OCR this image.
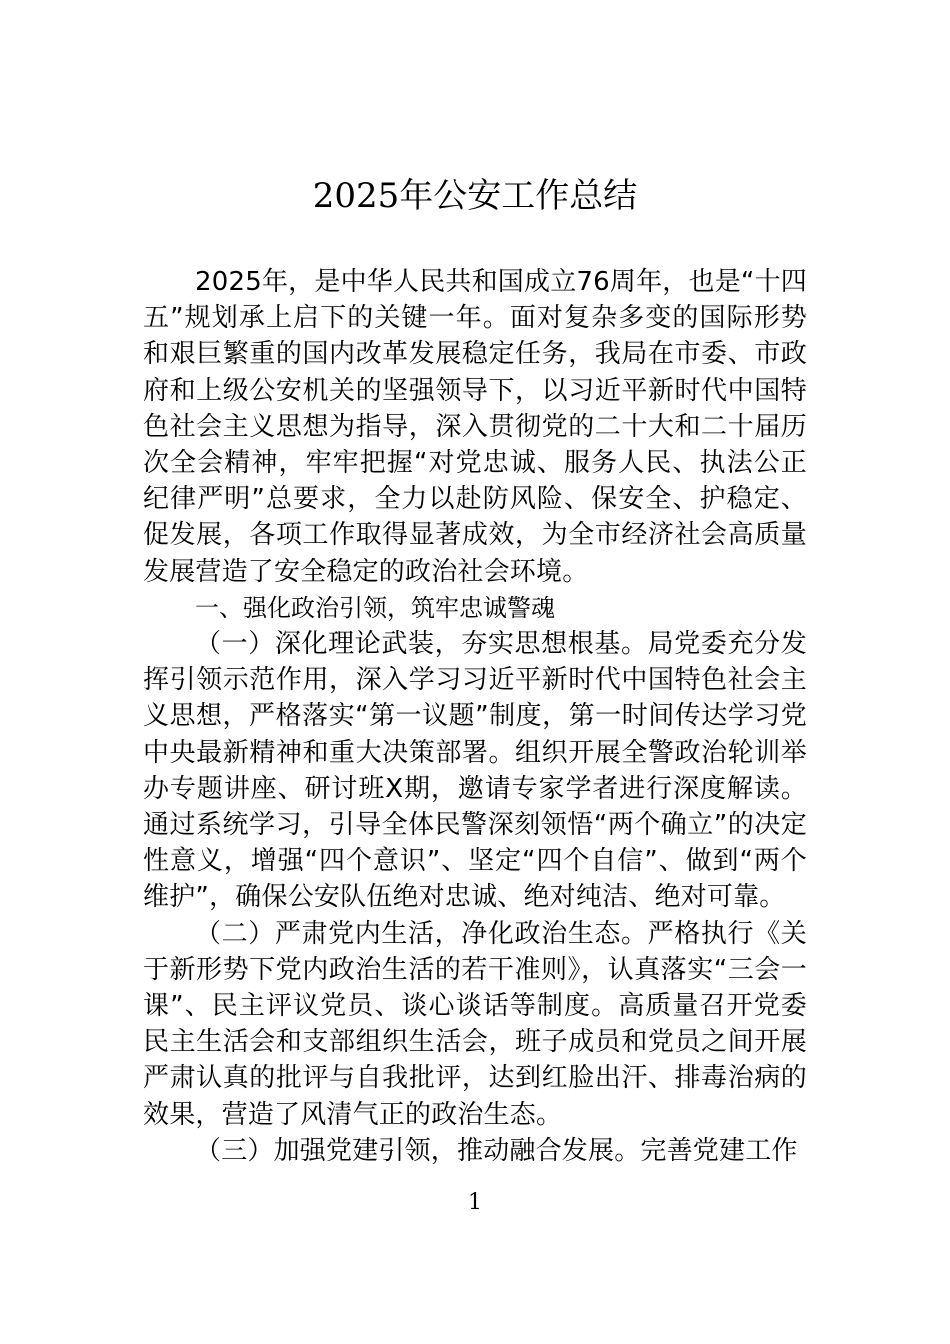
2025年公安工作总结

2025年，是中华人民共和国成立76周年，也是“十四五”规划承上启下的关键一年。面对复杂多变的国际形势和艰巨繁重的国内改革发展稳定任务，我局在市委、市政府和上级公安机关的坚强领导下，以习近平新时代中国特色社会主义思想为指导，深入贯彻党的二十大和二十届历次全会精神，牢牢把握“对党忠诚、服务人民、执法公正纪律严明”总要求，全力以赴防风险、保安全、护稳定、促发展，各项工作取得显著成效，为全市经济社会高质量发展营造了安全稳定的政治社会环境。

一、强化政治引领，筑牢忠诚警魂

（一）深化理论武装，夯实思想根基。局党委充分发挥引领示范作用，深入学习习近平新时代中国特色社会主义思想，严格落实“第一议题”制度，第一时间传达学习党中央最新精神和重大决策部署。组织开展全警政治轮训举办专题讲座、研讨班X期，邀请专家学者进行深度解读。通过系统学习，引导全体民警深刻领悟“两个确立”的决定性意义，增强“四个意识”、坚定“四个自信”、做到“两个维护”，确保公安队伍绝对忠诚、绝对纯洁、绝对可靠。

（二）严肃党内生活，净化政治生态。严格执行《关于新形势下党内政治生活的若干准则》，认真落实“三会一课”、民主评议党员、谈心谈话等制度。高质量召开党委民主生活会和支部组织生活会，班子成员和党员之间开展严肃认真的批评与自我批评，达到红脸出汗、排毒治病的效果，营造了风清气正的政治生态。

（三）加强党建引领，推动融合发展。完善党建工作

1
